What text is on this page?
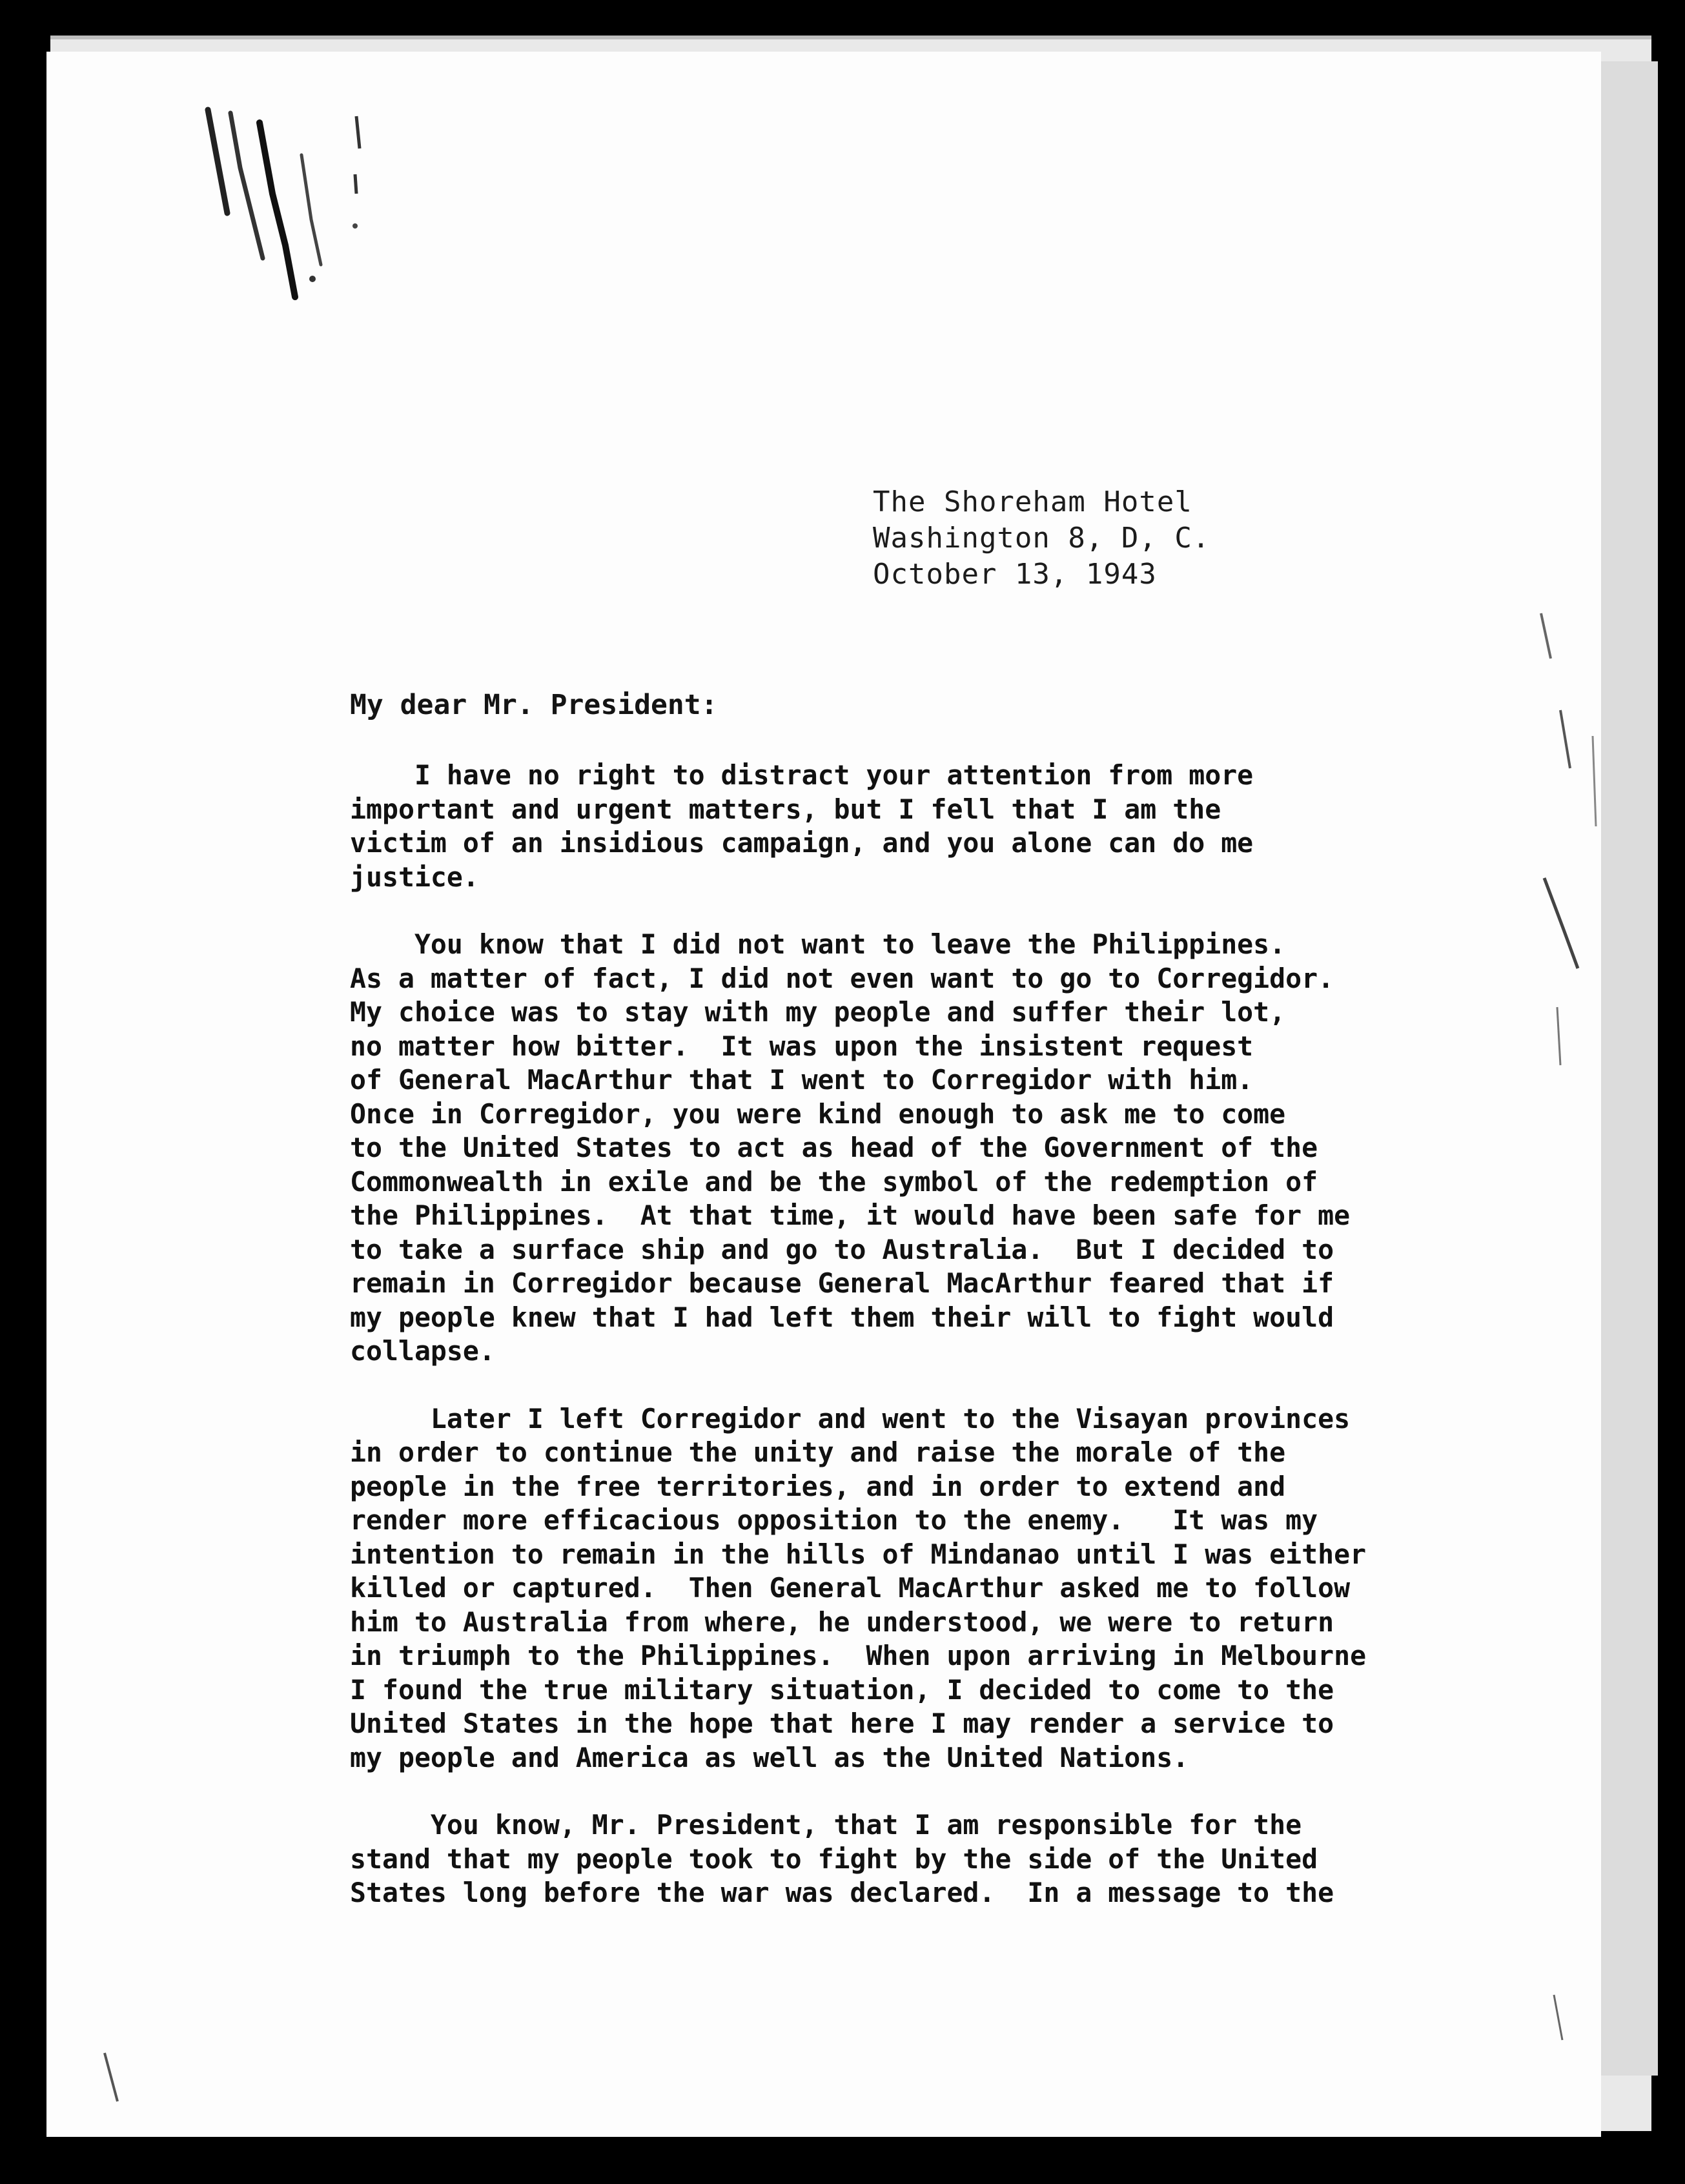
The Shoreham Hotel
Washington 8, D, C.
October 13, 1943
My dear Mr. President:
I have no right to distract your attention from more
important and urgent matters, but I fell that I am the
victim of an insidious campaign, and you alone can do me
justice.
You know that I did not want to leave the Philippines.
As a matter of fact, I did not even want to go to Corregidor.
My choice was to stay with my people and suffer their lot,
no matter how bitter.  It was upon the insistent request
of General MacArthur that I went to Corregidor with him.
Once in Corregidor, you were kind enough to ask me to come
to the United States to act as head of the Government of the
Commonwealth in exile and be the symbol of the redemption of
the Philippines.  At that time, it would have been safe for me
to take a surface ship and go to Australia.  But I decided to
remain in Corregidor because General MacArthur feared that if
my people knew that I had left them their will to fight would
collapse.
Later I left Corregidor and went to the Visayan provinces
in order to continue the unity and raise the morale of the
people in the free territories, and in order to extend and
render more efficacious opposition to the enemy.   It was my
intention to remain in the hills of Mindanao until I was either
killed or captured.  Then General MacArthur asked me to follow
him to Australia from where, he understood, we were to return
in triumph to the Philippines.  When upon arriving in Melbourne
I found the true military situation, I decided to come to the
United States in the hope that here I may render a service to
my people and America as well as the United Nations.
You know, Mr. President, that I am responsible for the
stand that my people took to fight by the side of the United
States long before the war was declared.  In a message to the
